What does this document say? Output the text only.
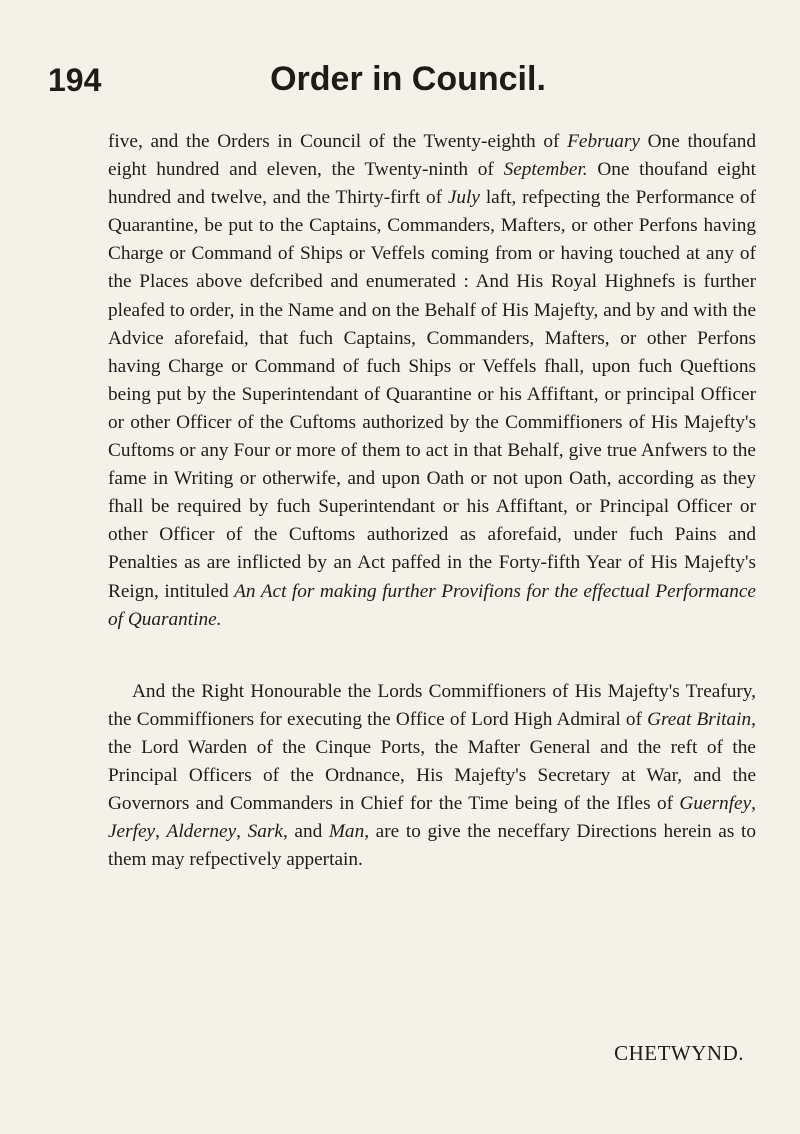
194	Order in Council.

five, and the Orders in Council of the Twenty-eighth of February One thoufand eight hundred and eleven, the Twenty-ninth of September. One thoufand eight hundred and twelve, and the Thirty-firft of July laft, refpecting the Performance of Quarantine, be put to the Captains, Commanders, Mafters, or other Perfons having Charge or Command of Ships or Veffels coming from or having touched at any of the Places above defcribed and enumerated : And His Royal Highnefs is further pleafed to order, in the Name and on the Behalf of His Majefty, and by and with the Advice aforefaid, that fuch Captains, Commanders, Mafters, or other Perfons having Charge or Command of fuch Ships or Veffels fhall, upon fuch Queftions being put by the Superintendant of Quarantine or his Affiftant, or principal Officer or other Officer of the Cuftoms authorized by the Commiffioners of His Majefty's Cuftoms or any Four or more of them to act in that Behalf, give true Anfwers to the fame in Writing or otherwife, and upon Oath or not upon Oath, according as they fhall be required by fuch Superintendant or his Affiftant, or Principal Officer or other Officer of the Cuftoms authorized as aforefaid, under fuch Pains and Penalties as are inflicted by an Act paffed in the Forty-fifth Year of His Majefty's Reign, intituled An Act for making further Provifions for the effectual Performance of Quarantine.

And the Right Honourable the Lords Commiffioners of His Majefty's Treafury, the Commiffioners for executing the Office of Lord High Admiral of Great Britain, the Lord Warden of the Cinque Ports, the Mafter General and the reft of the Principal Officers of the Ordnance, His Majefty's Secretary at War, and the Governors and Commanders in Chief for the Time being of the Ifles of Guernfey, Jerfey, Alderney, Sark, and Man, are to give the neceffary Directions herein as to them may refpectively appertain.

CHETWYND.
